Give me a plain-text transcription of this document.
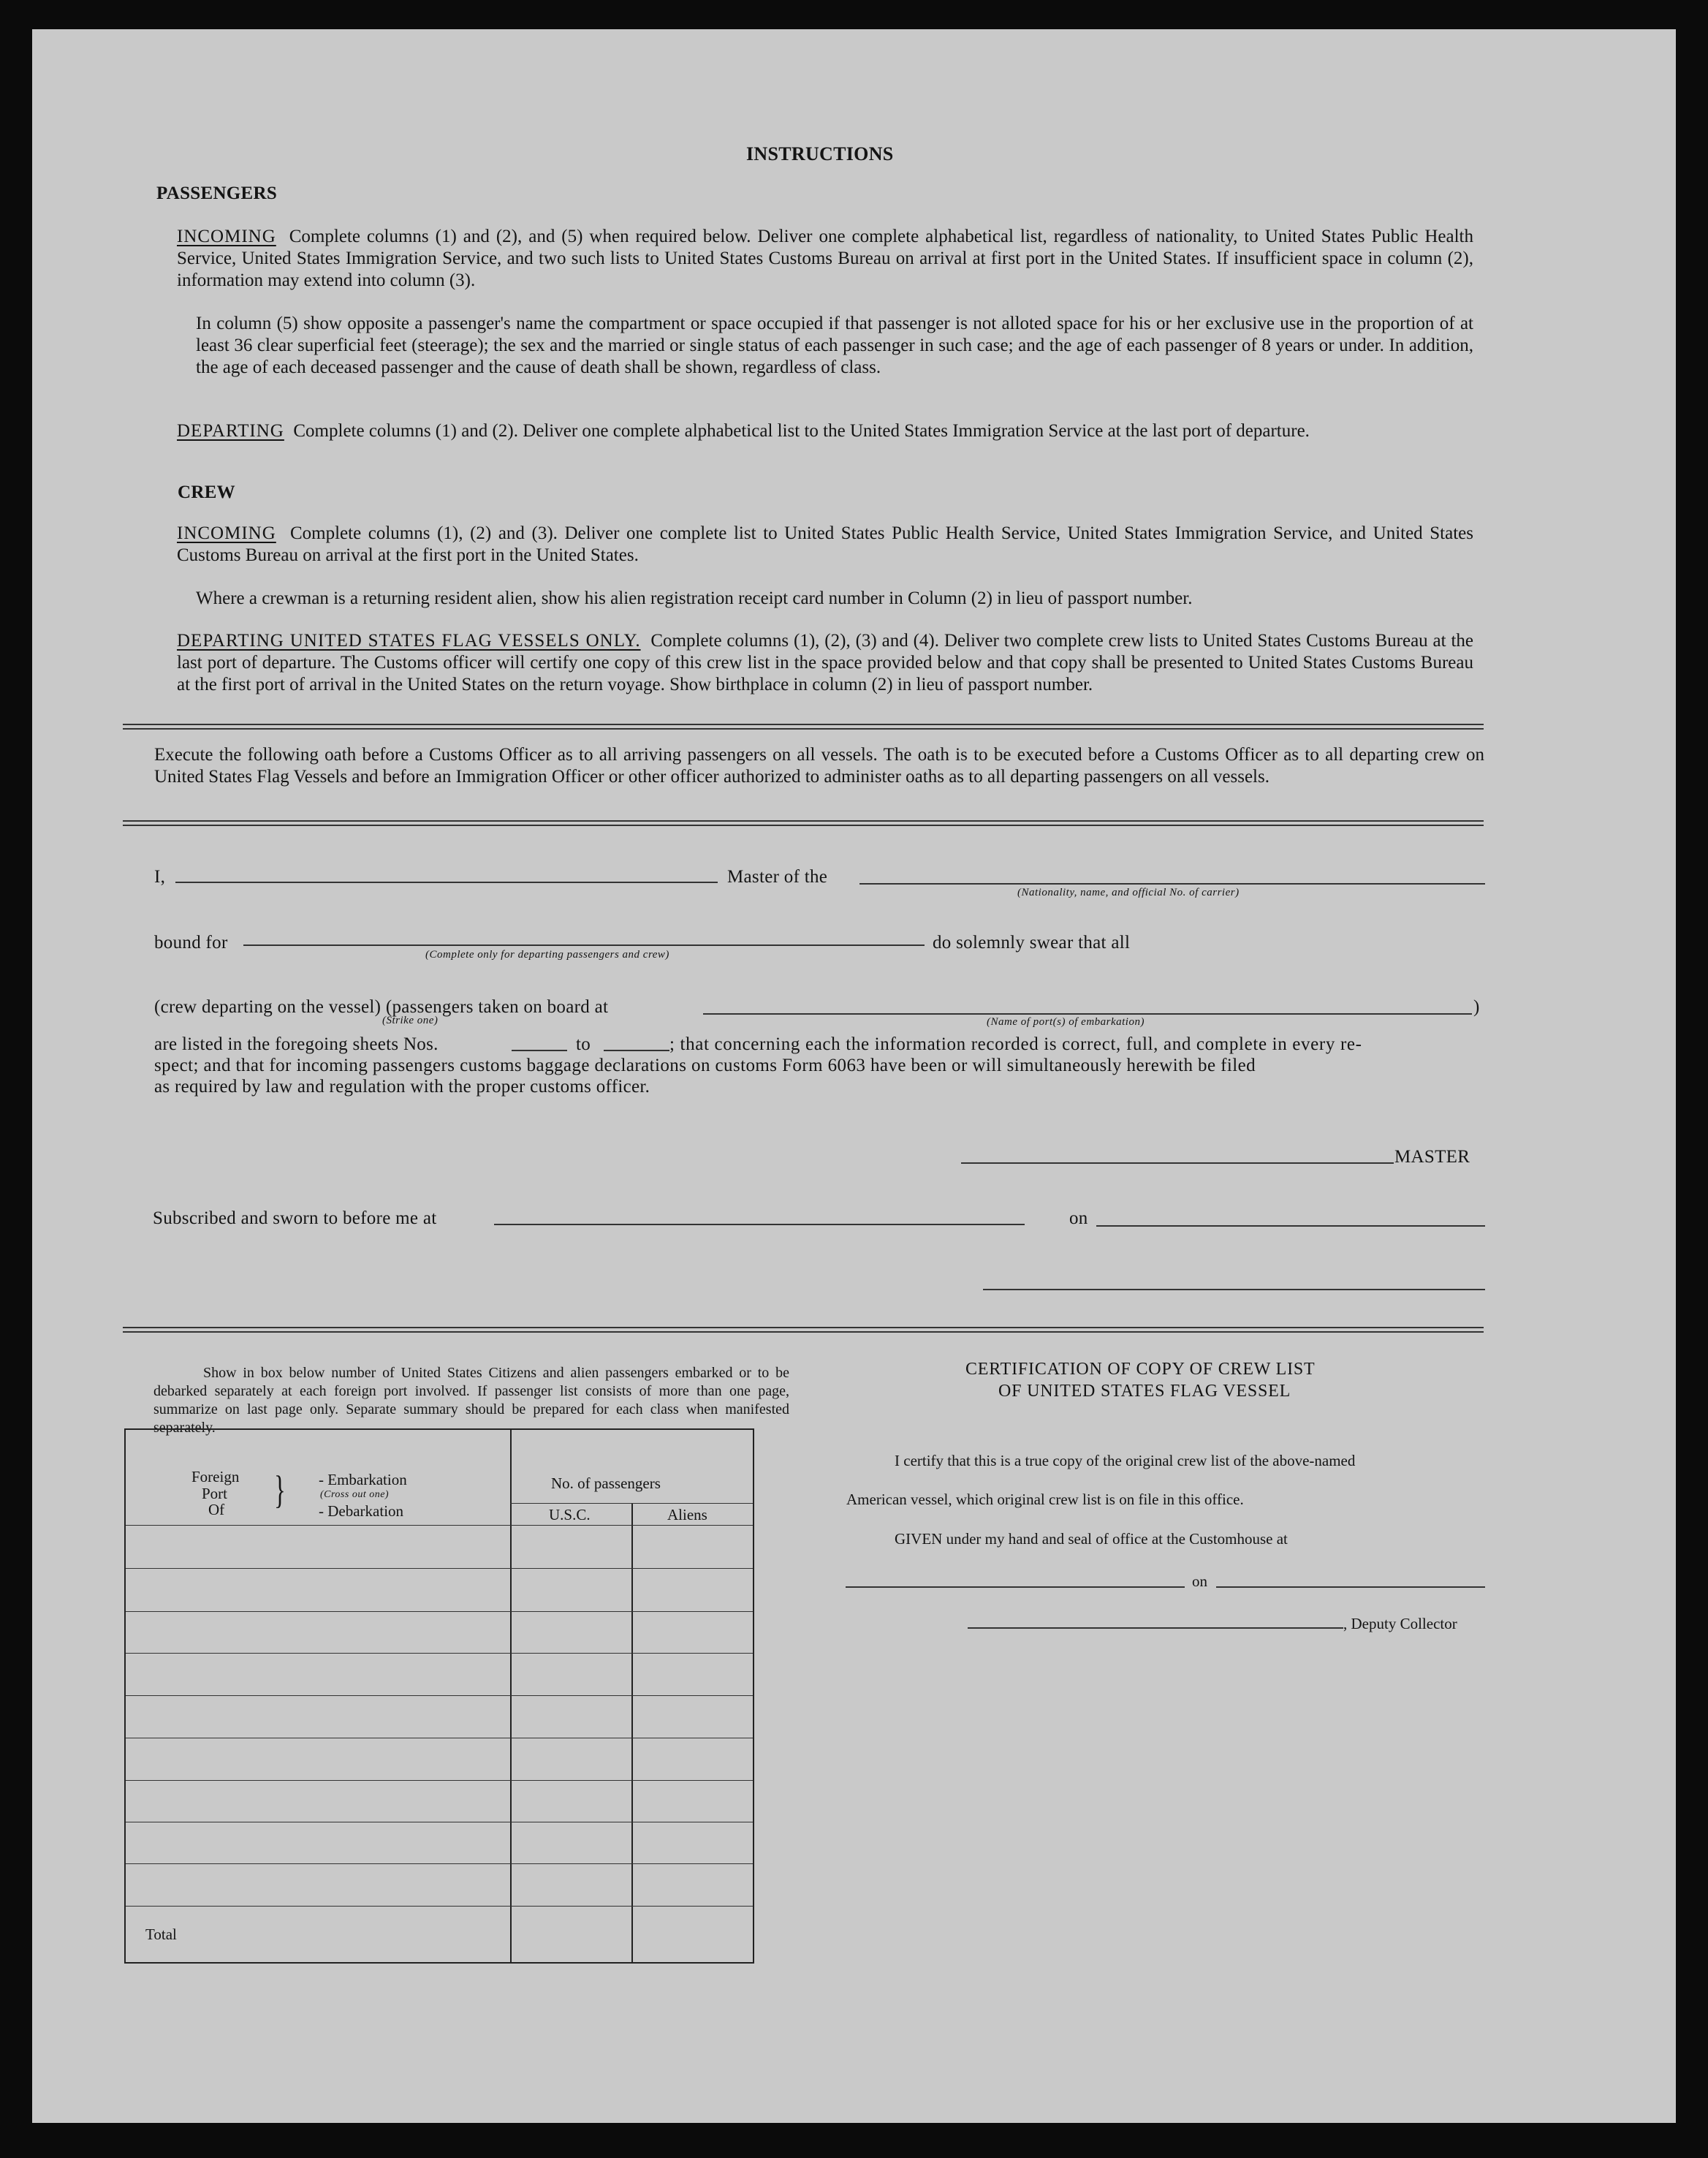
INSTRUCTIONS
PASSENGERS
INCOMING Complete columns (1) and (2), and (5) when required below. Deliver one complete alphabetical list, regardless of nationality, to United States Public Health Service, United States Immigration Service, and two such lists to United States Customs Bureau on arrival at first port in the United States. If insufficient space in column (2), information may extend into column (3).
In column (5) show opposite a passenger's name the compartment or space occupied if that passenger is not alloted space for his or her exclusive use in the proportion of at least 36 clear superficial feet (steerage); the sex and the married or single status of each passenger in such case; and the age of each passenger of 8 years or under. In addition, the age of each deceased passenger and the cause of death shall be shown, regardless of class.
DEPARTING Complete columns (1) and (2). Deliver one complete alphabetical list to the United States Immigration Service at the last port of departure.
CREW
INCOMING Complete columns (1), (2) and (3). Deliver one complete list to United States Public Health Service, United States Immigration Service, and United States Customs Bureau on arrival at the first port in the United States.
Where a crewman is a returning resident alien, show his alien registration receipt card number in Column (2) in lieu of passport number.
DEPARTING UNITED STATES FLAG VESSELS ONLY. Complete columns (1), (2), (3) and (4). Deliver two complete crew lists to United States Customs Bureau at the last port of departure. The Customs officer will certify one copy of this crew list in the space provided below and that copy shall be presented to United States Customs Bureau at the first port of arrival in the United States on the return voyage. Show birthplace in column (2) in lieu of passport number.
Execute the following oath before a Customs Officer as to all arriving passengers on all vessels. The oath is to be executed before a Customs Officer as to all departing crew on United States Flag Vessels and before an Immigration Officer or other officer authorized to administer oaths as to all departing passengers on all vessels.
I,	Master of the
(Nationality, name, and official No. of carrier)
bound for
(Complete only for departing passengers and crew)
do solemnly swear that all
(crew departing on the vessel) (passengers taken on board at	)
(Strike one)	(Name of port(s) of embarkation)
are listed in the foregoing sheets Nos.	to	; that concerning each the information recorded is correct, full, and complete in every re-
spect; and that for incoming passengers customs baggage declarations on customs Form 6063 have been or will simultaneously herewith be filed
as required by law and regulation with the proper customs officer.
MASTER
Subscribed and sworn to before me at	on
Show in box below number of United States Citizens and alien passengers embarked or to be debarked separately at each foreign port involved. If passenger list consists of more than one page, summarize on last page only. Separate summary should be prepared for each class when manifested separately.
Foreign
Port
Of } - Embarkation
(Cross out one)
- Debarkation
No. of passengers
U.S.C.	Aliens
Total
CERTIFICATION OF COPY OF CREW LIST
OF UNITED STATES FLAG VESSEL
I certify that this is a true copy of the original crew list of the above-named
American vessel, which original crew list is on file in this office.
GIVEN under my hand and seal of office at the Customhouse at
on
, Deputy Collector
